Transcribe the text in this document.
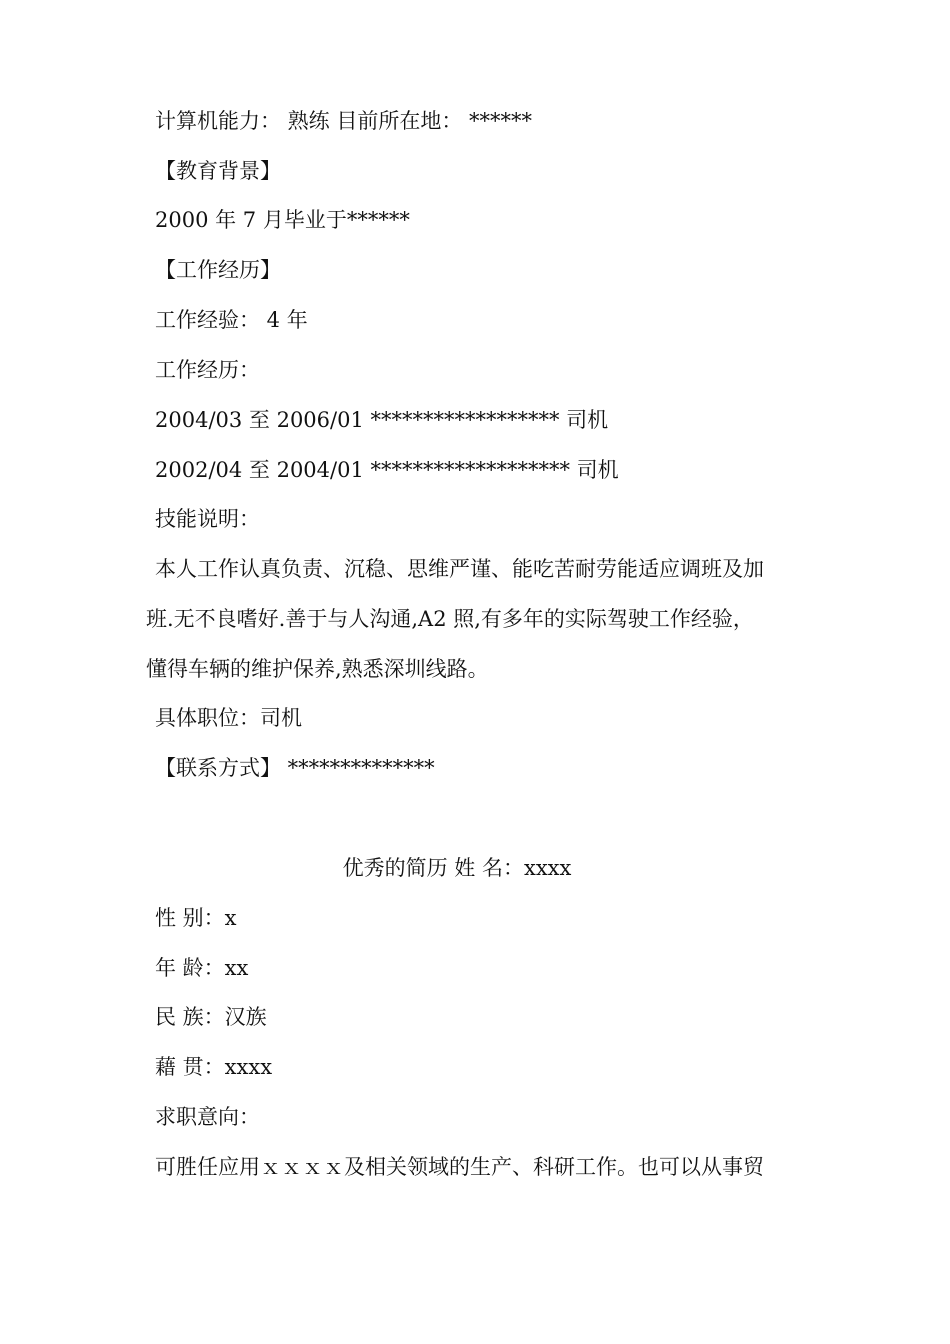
计算机能力： 熟练 目前所在地： ******
【教育背景】
2000 年 7 月毕业于******
【工作经历】
工作经验： 4 年
工作经历：
2004/03 至 2006/01 ****************** 司机
2002/04 至 2004/01 ******************* 司机
技能说明：
本人工作认真负责、沉稳、思维严谨、能吃苦耐劳能适应调班及加
班.无不良嗜好.善于与人沟通,A2 照,有多年的实际驾驶工作经验，
懂得车辆的维护保养,熟悉深圳线路。
具体职位：司机
【联系方式】 **************
优秀的简历 姓 名：xxxx
性 别：x
年 龄：xx
民 族：汉族
藉 贯：xxxx
求职意向：
可胜任应用ｘｘｘｘ及相关领域的生产、科研工作。也可以从事贸
